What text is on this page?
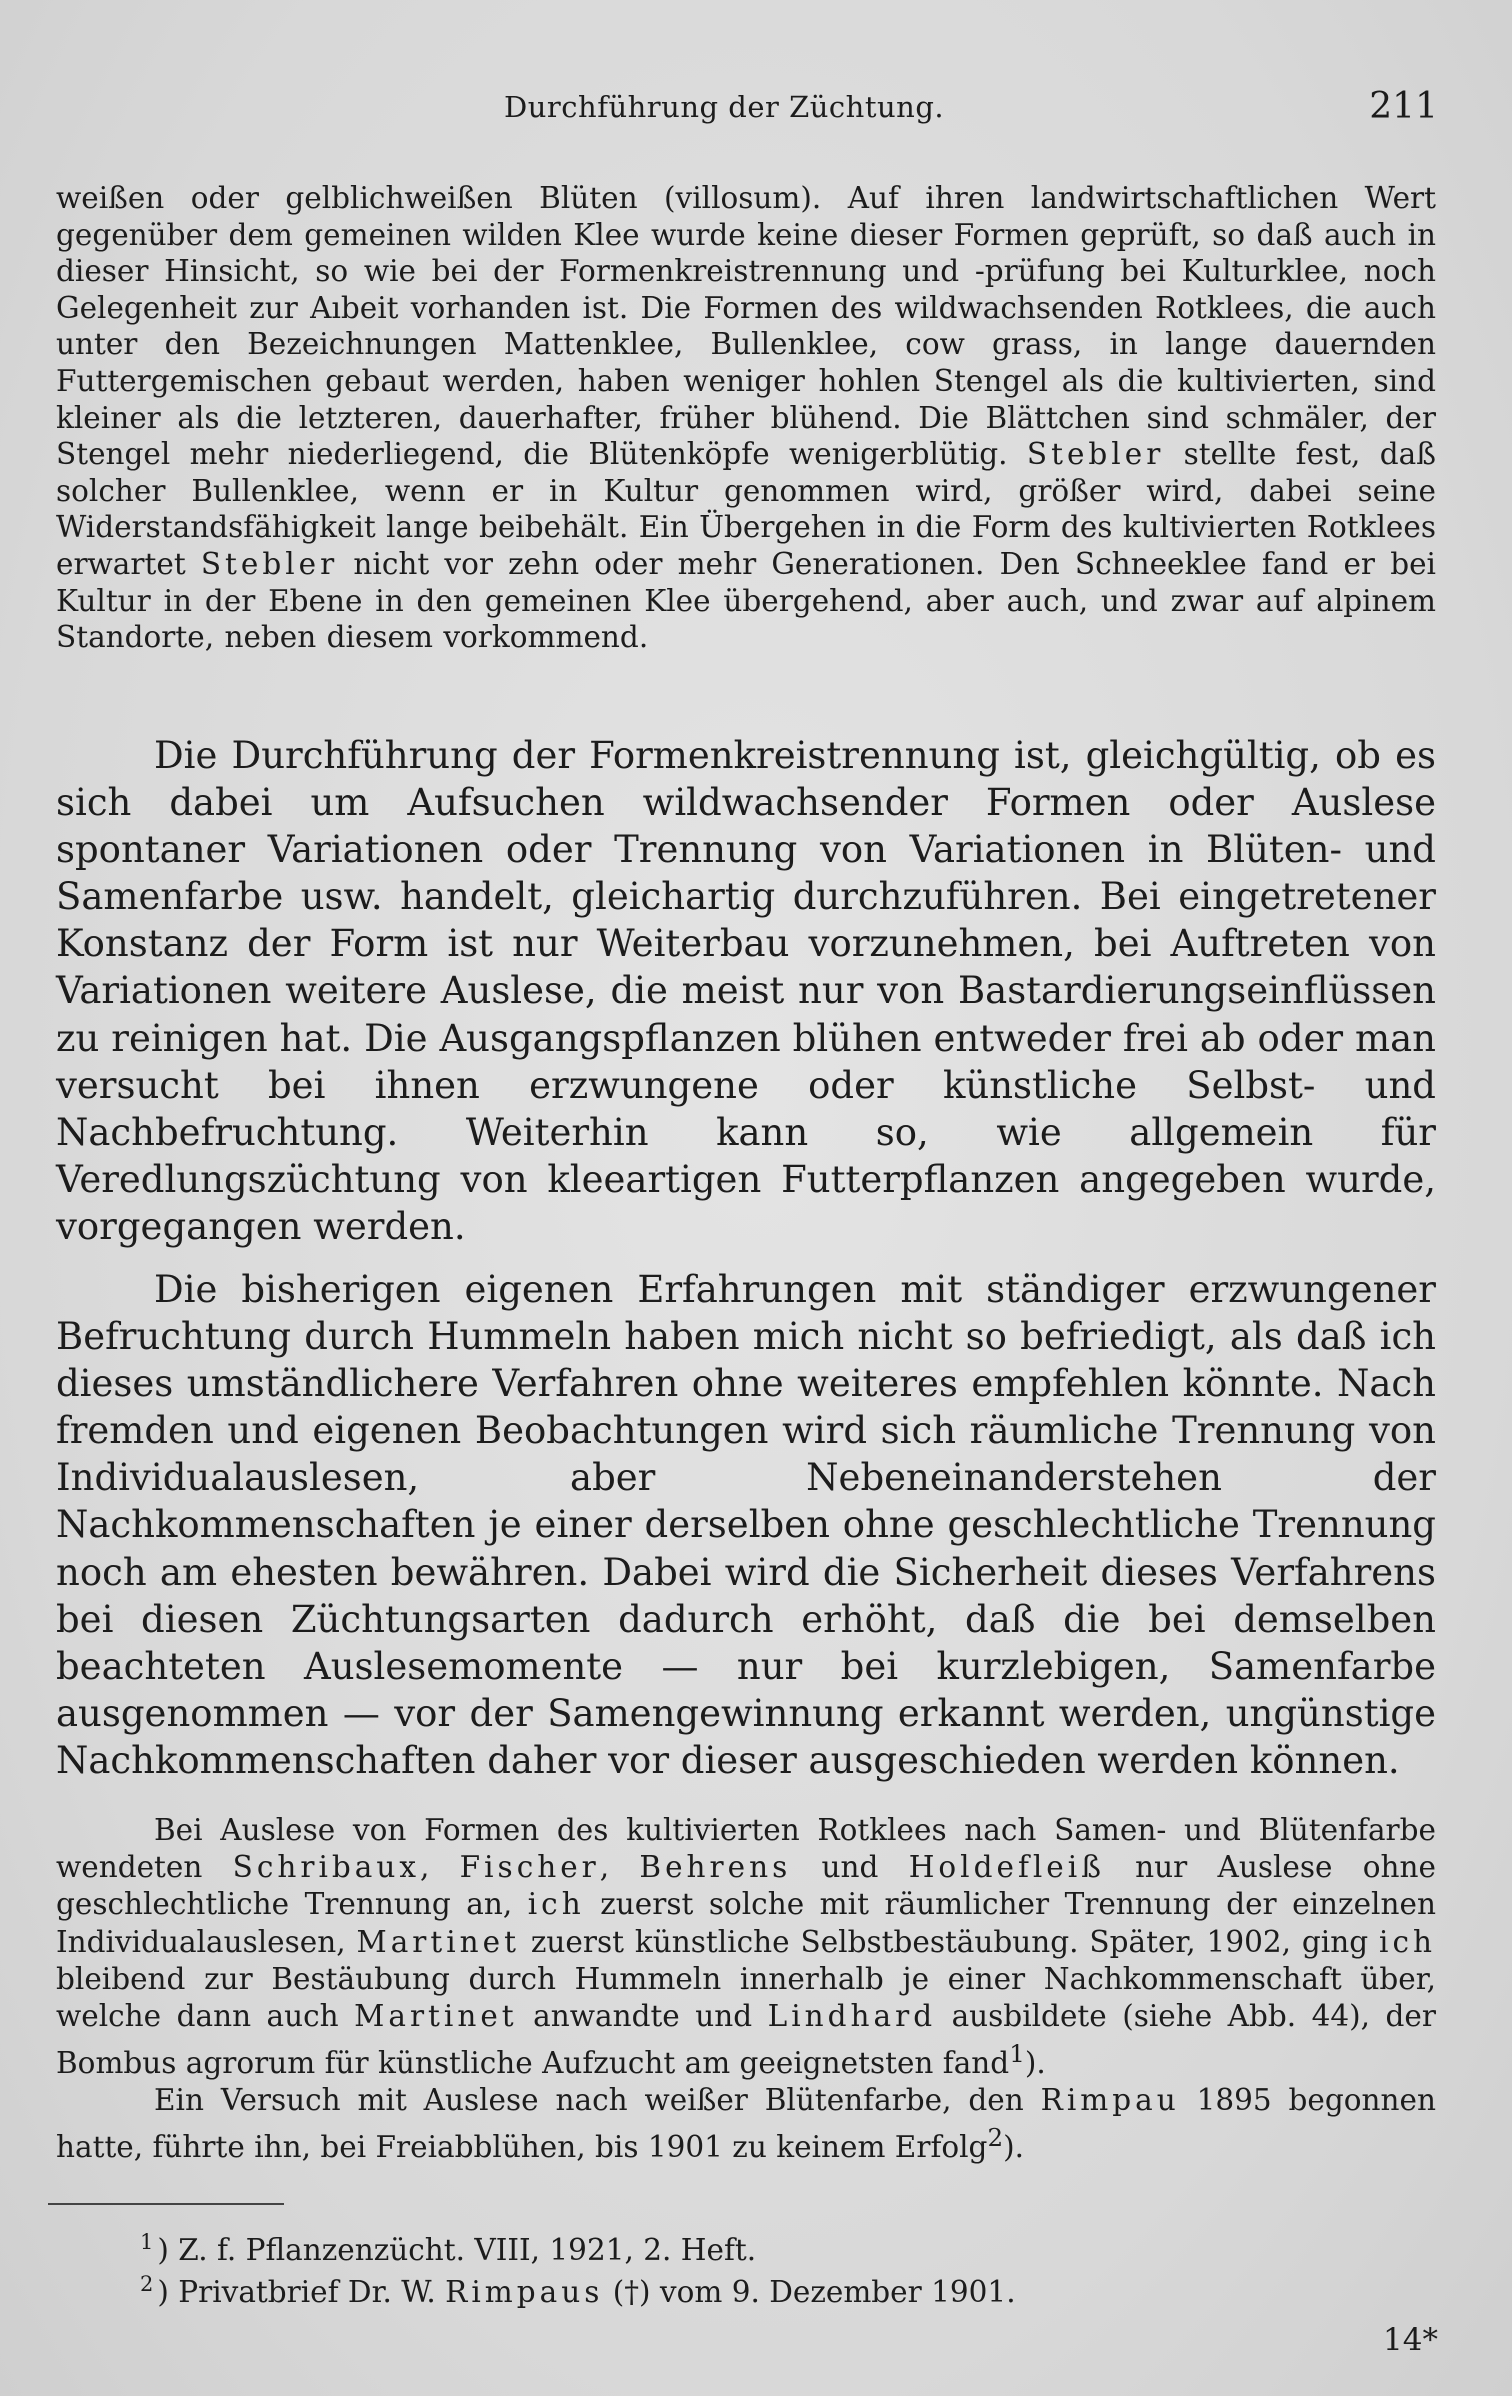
Durchführung der Züchtung.	211

weißen oder gelblichweißen Blüten (villosum). Auf ihren landwirtschaftlichen Wert gegenüber dem gemeinen wilden Klee wurde keine dieser Formen geprüft, so daß auch in dieser Hinsicht, so wie bei der Formenkreistrennung und -prüfung bei Kulturklee, noch Gelegenheit zur Aıbeit vorhanden ist. Die Formen des wildwachsenden Rotklees, die auch unter den Bezeichnungen Mattenklee, Bullenklee, cow grass, in lange dauernden Futtergemischen gebaut werden, haben weniger hohlen Stengel als die kultivierten, sind kleiner als die letzteren, dauerhafter, früher blühend. Die Blättchen sind schmäler, der Stengel mehr niederliegend, die Blütenköpfe wenigerblütig. Stebler stellte fest, daß solcher Bullenklee, wenn er in Kultur genommen wird, größer wird, dabei seine Widerstandsfähigkeit lange beibehält. Ein Übergehen in die Form des kultivierten Rotklees erwartet Stebler nicht vor zehn oder mehr Generationen. Den Schneeklee fand er bei Kultur in der Ebene in den gemeinen Klee übergehend, aber auch, und zwar auf alpinem Standorte, neben diesem vorkommend.

Die Durchführung der Formenkreistrennung ist, gleichgültig, ob es sich dabei um Aufsuchen wildwachsender Formen oder Auslese spontaner Variationen oder Trennung von Variationen in Blüten- und Samenfarbe usw. handelt, gleichartig durchzuführen. Bei eingetretener Konstanz der Form ist nur Weiterbau vorzunehmen, bei Auftreten von Variationen weitere Auslese, die meist nur von Bastardierungseinflüssen zu reinigen hat. Die Ausgangspflanzen blühen entweder frei ab oder man versucht bei ihnen erzwungene oder künstliche Selbst- und Nachbefruchtung. Weiterhin kann so, wie allgemein für Veredlungszüchtung von kleeartigen Futterpflanzen angegeben wurde, vorgegangen werden.

Die bisherigen eigenen Erfahrungen mit ständiger erzwungener Befruchtung durch Hummeln haben mich nicht so befriedigt, als daß ich dieses umständlichere Verfahren ohne weiteres empfehlen könnte. Nach fremden und eigenen Beobachtungen wird sich räumliche Trennung von Individualauslesen, aber Nebeneinanderstehen der Nachkommenschaften je einer derselben ohne geschlechtliche Trennung noch am ehesten bewähren. Dabei wird die Sicherheit dieses Verfahrens bei diesen Züchtungsarten dadurch erhöht, daß die bei demselben beachteten Auslesemomente — nur bei kurzlebigen, Samenfarbe ausgenommen — vor der Samengewinnung erkannt werden, ungünstige Nachkommenschaften daher vor dieser ausgeschieden werden können.

Bei Auslese von Formen des kultivierten Rotklees nach Samen- und Blütenfarbe wendeten Schribaux, Fischer, Behrens und Holdefleiß nur Auslese ohne geschlechtliche Trennung an, ich zuerst solche mit räumlicher Trennung der einzelnen Individualauslesen, Martinet zuerst künstliche Selbstbestäubung. Später, 1902, ging ich bleibend zur Bestäubung durch Hummeln innerhalb je einer Nachkommenschaft über, welche dann auch Martinet anwandte und Lindhard ausbildete (siehe Abb. 44), der Bombus agrorum für künstliche Aufzucht am geeignetsten fand$^1$).

Ein Versuch mit Auslese nach weißer Blütenfarbe, den Rimpau 1895 begonnen hatte, führte ihn, bei Freiabblühen, bis 1901 zu keinem Erfolg$^2$).

$^1$ ) Z. f. Pflanzenzücht. VIII, 1921, 2. Heft.
$^2$ ) Privatbrief Dr. W. Rimpaus (†) vom 9. Dezember 1901.
14*
